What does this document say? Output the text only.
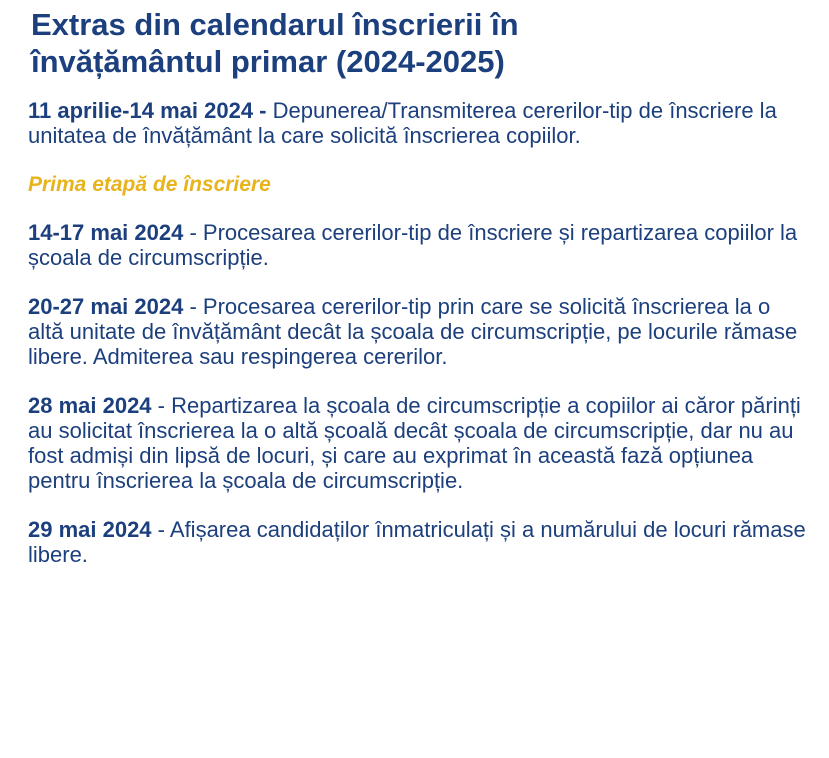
Extras din calendarul înscrierii în învățământul primar (2024-2025)

11 aprilie-14 mai 2024 - Depunerea/Transmiterea cererilor-tip de înscriere la unitatea de învățământ la care solicită înscrierea copiilor.

Prima etapă de înscriere

14-17 mai 2024 - Procesarea cererilor-tip de înscriere și repartizarea copiilor la școala de circumscripție.

20-27 mai 2024 - Procesarea cererilor-tip prin care se solicită înscrierea la o altă unitate de învățământ decât la școala de circumscripție, pe locurile rămase libere. Admiterea sau respingerea cererilor.

28 mai 2024 - Repartizarea la școala de circumscripție a copiilor ai căror părinți au solicitat înscrierea la o altă școală decât școala de circumscripție, dar nu au fost admiși din lipsă de locuri, și care au exprimat în această fază opțiunea pentru înscrierea la școala de circumscripție.

29 mai 2024 - Afișarea candidaților înmatriculați și a numărului de locuri rămase libere.
